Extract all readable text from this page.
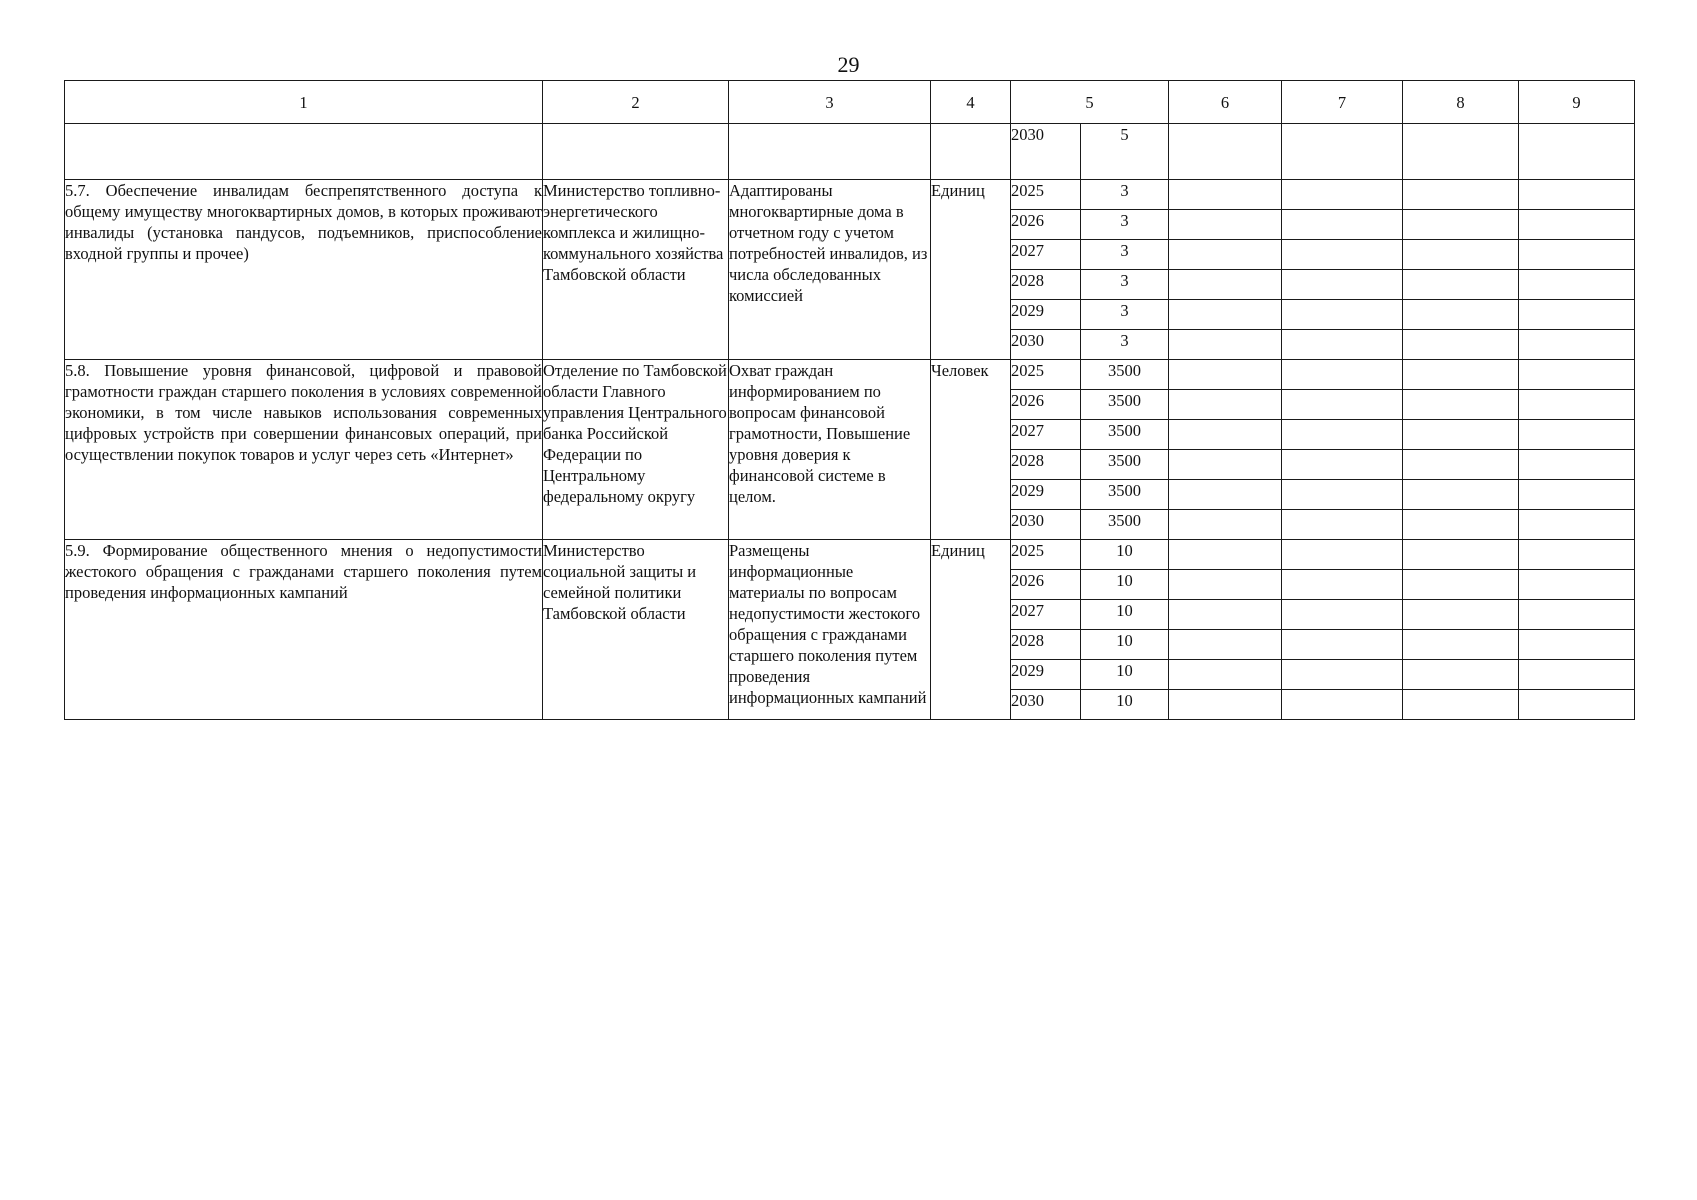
29
1	2	3	4	5		6	7	8	9
				2030	5				
5.7. Обеспечение инвалидам беспрепятственного доступа к общему имуществу многоквартирных домов, в которых проживают инвалиды (установка пандусов, подъемников, приспособление входной группы и прочее)	Министерство топливно-энергетического комплекса и жилищно-коммунального хозяйства Тамбовской области	Адаптированы многоквартирные дома в отчетном году с учетом потребностей инвалидов, из числа обследованных комиссией	Единиц	2025	3				
				2026	3				
				2027	3				
				2028	3				
				2029	3				
				2030	3				
5.8. Повышение уровня финансовой, цифровой и правовой грамотности граждан старшего поколения в условиях современной экономики, в том числе навыков использования современных цифровых устройств при совершении финансовых операций, при осуществлении покупок товаров и услуг через сеть «Интернет»	Отделение по Тамбовской области Главного управления Центрального банка Российской Федерации по Центральному федеральному округу	Охват граждан информированием по вопросам финансовой грамотности, Повышение уровня доверия к финансовой системе в целом.	Человек	2025	3500				
				2026	3500				
				2027	3500				
				2028	3500				
				2029	3500				
				2030	3500				
5.9. Формирование общественного мнения о недопустимости жестокого обращения с гражданами старшего поколения путем проведения информационных кампаний	Министерство социальной защиты и семейной политики Тамбовской области	Размещены информационные материалы по вопросам недопустимости жестокого обращения с гражданами старшего поколения путем проведения информационных кампаний	Единиц	2025	10				
				2026	10				
				2027	10				
				2028	10				
				2029	10				
				2030	10				
